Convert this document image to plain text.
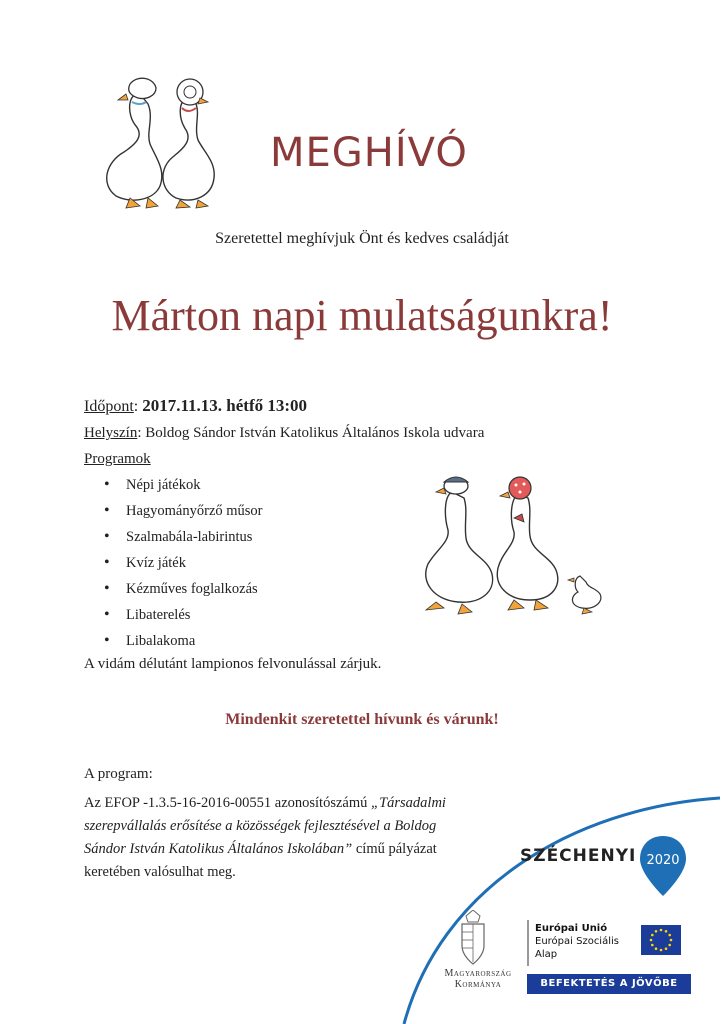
MEGHÍVÓ
Szeretettel meghívjuk Önt és kedves családját
Márton napi mulatságunkra!
Időpont: 2017.11.13. hétfő 13:00
Helyszín: Boldog Sándor István Katolikus Általános Iskola udvara
Programok
• Népi játékok
• Hagyományőrző műsor
• Szalmabála-labirintus
• Kvíz játék
• Kézműves foglalkozás
• Libaterelés
• Libalakoma
A vidám délutánt lampionos felvonulással zárjuk.
Mindenkit szeretettel hívunk és várunk!
A program:
Az EFOP -1.3.5-16-2016-00551 azonosítószámú „Társadalmi szerepvállalás erősítése a közösségek fejlesztésével a Boldog Sándor István Katolikus Általános Iskolában” című pályázat keretében valósulhat meg.
SZÉCHENYI 2020
Magyarország
Kormánya
Európai Unió
Európai Szociális
Alap
BEFEKTETÉS A JÖVŐBE
